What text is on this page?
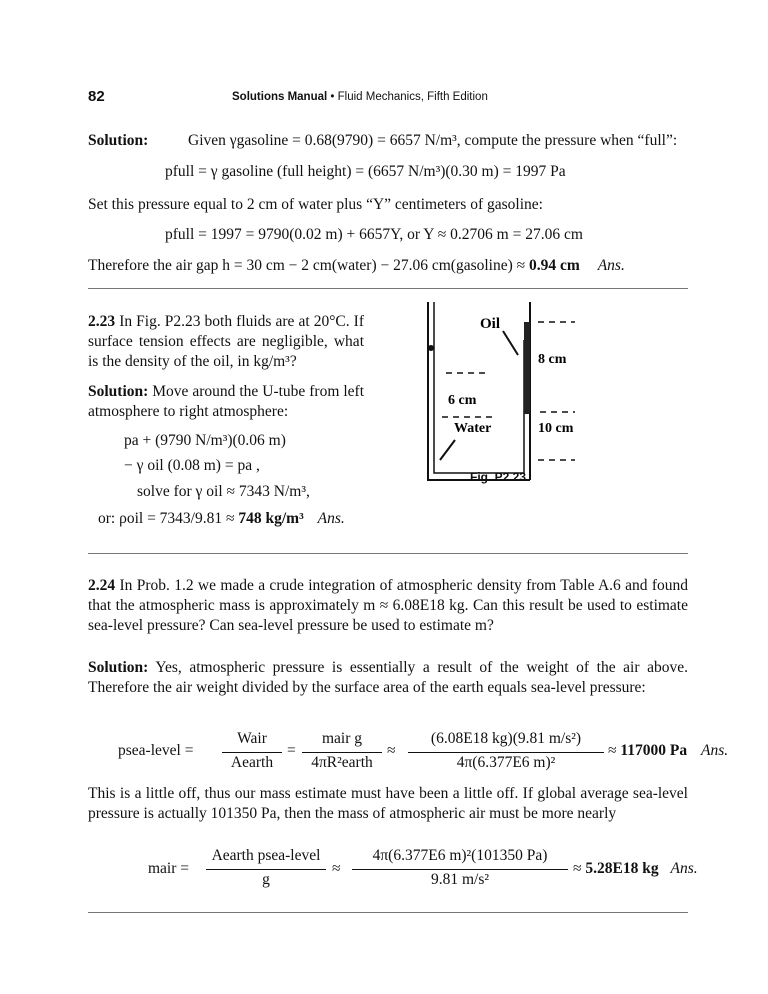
82	Solutions Manual • Fluid Mechanics, Fifth Edition
Solution:	Given γgasoline = 0.68(9790) = 6657 N/m³, compute the pressure when “full”:
pfull = γ gasoline (full height) = (6657 N/m³)(0.30 m) = 1997 Pa
Set this pressure equal to 2 cm of water plus “Y” centimeters of gasoline:
pfull = 1997 = 9790(0.02 m) + 6657Y, or Y ≈ 0.2706 m = 27.06 cm
Therefore the air gap h = 30 cm − 2 cm(water) − 27.06 cm(gasoline) ≈ 0.94 cm Ans.
2.23 In Fig. P2.23 both fluids are at 20°C. If surface tension effects are negligible, what is the density of the oil, in kg/m³?
Solution: Move around the U-tube from left atmosphere to right atmosphere:
pa + (9790 N/m³)(0.06 m)
− γ oil (0.08 m) = pa ,
solve for γ oil ≈ 7343 N/m³,
or: ρoil = 7343/9.81 ≈ 748 kg/m³ Ans.
Oil
8 cm
6 cm
Water	10 cm
Fig. P2.23
2.24 In Prob. 1.2 we made a crude integration of atmospheric density from Table A.6 and found that the atmospheric mass is approximately m ≈ 6.08E18 kg. Can this result be used to estimate sea-level pressure? Can sea-level pressure be used to estimate m?
Solution: Yes, atmospheric pressure is essentially a result of the weight of the air above. Therefore the air weight divided by the surface area of the earth equals sea-level pressure:
psea-level =
Wair
Aearth
=
mair g
4πR²earth
≈
(6.08E18 kg)(9.81 m/s²)
4π(6.377E6 m)²
≈ 117000 Pa Ans.
This is a little off, thus our mass estimate must have been a little off. If global average sea-level pressure is actually 101350 Pa, then the mass of atmospheric air must be more nearly
mair =
Aearth psea-level
g
≈
4π(6.377E6 m)²(101350 Pa)
9.81 m/s²
≈ 5.28E18 kg Ans.
